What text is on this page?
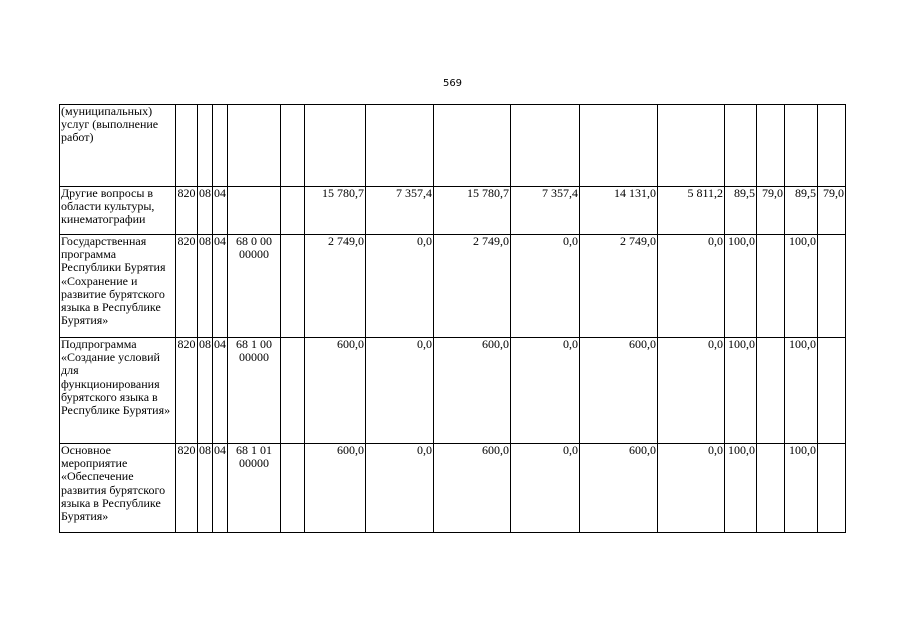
569
(муниципальных) услуг (выполнение работ)															
Другие вопросы в области культуры, кинематографии	820	08	04			15 780,7	7 357,4	15 780,7	7 357,4	14 131,0	5 811,2	89,5	79,0	89,5	79,0
Государственная программа Республики Бурятия «Сохранение и развитие бурятского языка в Республике Бурятия»	820	08	04	68 0 00 00000		2 749,0	0,0	2 749,0	0,0	2 749,0	0,0	100,0		100,0	
Подпрограмма «Создание условий для функционирования бурятского языка в Республике Бурятия»	820	08	04	68 1 00 00000		600,0	0,0	600,0	0,0	600,0	0,0	100,0		100,0	
Основное мероприятие «Обеспечение развития бурятского языка в Республике Бурятия»	820	08	04	68 1 01 00000		600,0	0,0	600,0	0,0	600,0	0,0	100,0		100,0	
